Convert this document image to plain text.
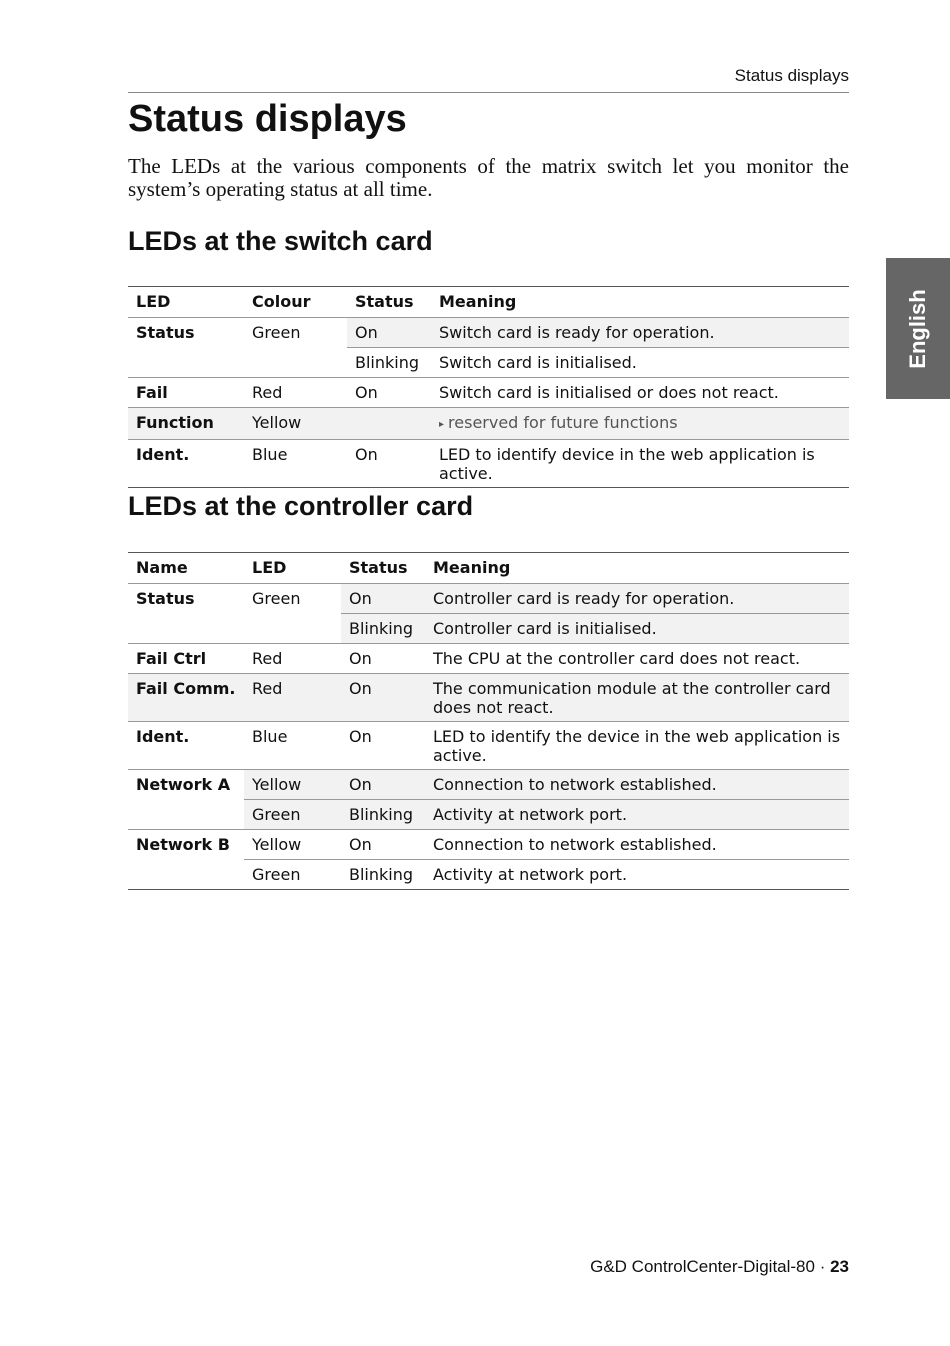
Status displays
Status displays

The LEDs at the various components of the matrix switch let you monitor the system’s operating status at all time.

LEDs at the switch card
LED	Colour	Status	Meaning
Status	Green	On	Switch card is ready for operation.
		Blinking	Switch card is initialised.
Fail	Red	On	Switch card is initialised or does not react.
Function	Yellow		▸ reserved for future functions
Ident.	Blue	On	LED to identify device in the web application is active.
LEDs at the controller card
Name	LED	Status	Meaning
Status	Green	On	Controller card is ready for operation.
		Blinking	Controller card is initialised.
Fail Ctrl	Red	On	The CPU at the controller card does not react.
Fail Comm.	Red	On	The communication module at the controller card does not react.
Ident.	Blue	On	LED to identify the device in the web application is active.
Network A	Yellow	On	Connection to network established.
	Green	Blinking	Activity at network port.
Network B	Yellow	On	Connection to network established.
	Green	Blinking	Activity at network port.
English
G&D ControlCenter-Digital-80 · 23
